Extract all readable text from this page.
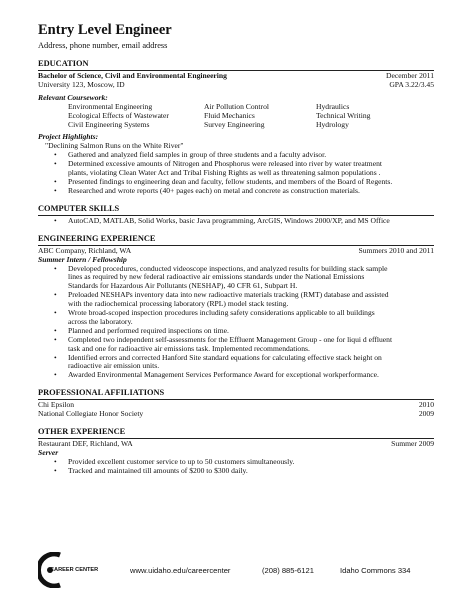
Entry Level Engineer
Address, phone number, email address
EDUCATION
Bachelor of Science, Civil and Environmental Engineering	December 2011
University 123, Moscow, ID	GPA 3.22/3.45
Relevant Coursework:
Environmental Engineering	Air Pollution Control	Hydraulics
Ecological Effects of Wastewater	Fluid Mechanics	Technical Writing
Civil Engineering Systems	Survey Engineering	Hydrology
Project Highlights:
"Declining Salmon Runs on the White River"
• Gathered and analyzed field samples in group of three students and a faculty advisor.
• Determined excessive amounts of Nitrogen and Phosphorus were released into river by water treatment
plants, violating Clean Water Act and Tribal Fishing Rights as well as threatening salmon populations .
• Presented findings to engineering dean and faculty, fellow students, and members of the Board of Regents.
• Researched and wrote reports (40+ pages each) on metal and concrete as construction materials.
COMPUTER SKILLS
• AutoCAD, MATLAB, Solid Works, basic Java programming, ArcGIS, Windows 2000/XP, and MS Office
ENGINEERING EXPERIENCE
ABC Company, Richland, WA	Summers 2010 and 2011
Summer Intern / Fellowship
• Developed procedures, conducted videoscope inspections, and analyzed results for building stack sample
lines as required by new federal radioactive air emissions standards under the National Emissions
Standards for Hazardous Air Pollutants (NESHAP), 40 CFR 61, Subpart H.
• Preloaded NESHAPs inventory data into new radioactive materials tracking (RMT) database and assisted
with the radiochemical processing laboratory (RPL) model stack testing.
• Wrote broad-scoped inspection procedures including safety considerations applicable to all buildings
across the laboratory.
• Planned and performed required inspections on time.
• Completed two independent self-assessments for the Effluent Management Group - one for liqui d effluent
task and one for radioactive air emissions task. Implemented recommendations.
• Identified errors and corrected Hanford Site standard equations for calculating effective stack height on
radioactive air emission units.
• Awarded Environmental Management Services Performance Award for exceptional workperformance.
PROFESSIONAL AFFILIATIONS
Chi Epsilon	2010
National Collegiate Honor Society	2009
OTHER EXPERIENCE
Restaurant DEF, Richland, WA	Summer 2009
Server
• Provided excellent customer service to up to 50 customers simultaneously.
• Tracked and maintained till amounts of $200 to $300 daily.
CAREER CENTER	www.uidaho.edu/careercenter	(208) 885-6121	Idaho Commons 334
